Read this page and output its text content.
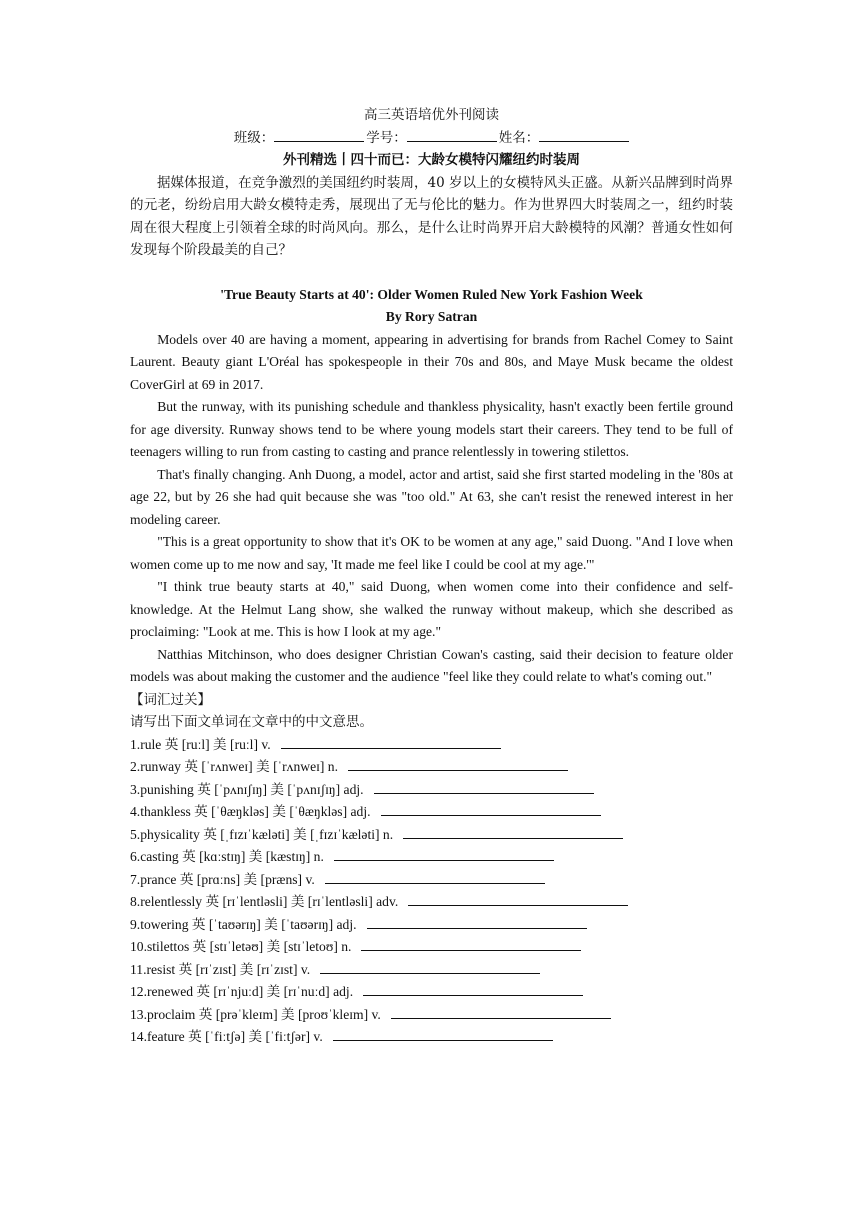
高三英语培优外刊阅读
班级：	学号：	姓名：
外刊精选丨四十而已：大龄女模特闪耀纽约时装周
据媒体报道，在竞争激烈的美国纽约时装周，40 岁以上的女模特风头正盛。从新兴品牌到时尚界的元老，纷纷启用大龄女模特走秀，展现出了无与伦比的魅力。作为世界四大时装周之一，纽约时装周在很大程度上引领着全球的时尚风向。那么，是什么让时尚界开启大龄模特的风潮？普通女性如何发现每个阶段最美的自己？
'True Beauty Starts at 40': Older Women Ruled New York Fashion Week
By Rory Satran
Models over 40 are having a moment, appearing in advertising for brands from Rachel Comey to Saint Laurent. Beauty giant L'Oréal has spokespeople in their 70s and 80s, and Maye Musk became the oldest CoverGirl at 69 in 2017.
But the runway, with its punishing schedule and thankless physicality, hasn't exactly been fertile ground for age diversity. Runway shows tend to be where young models start their careers. They tend to be full of teenagers willing to run from casting to casting and prance relentlessly in towering stilettos.
That's finally changing. Anh Duong, a model, actor and artist, said she first started modeling in the '80s at age 22, but by 26 she had quit because she was "too old." At 63, she can't resist the renewed interest in her modeling career.
"This is a great opportunity to show that it's OK to be women at any age," said Duong. "And I love when women come up to me now and say, 'It made me feel like I could be cool at my age.'"
"I think true beauty starts at 40," said Duong, when women come into their confidence and self-knowledge. At the Helmut Lang show, she walked the runway without makeup, which she described as proclaiming: "Look at me. This is how I look at my age."
Natthias Mitchinson, who does designer Christian Cowan's casting, said their decision to feature older models was about making the customer and the audience "feel like they could relate to what's coming out."
【词汇过关】
请写出下面文单词在文章中的中文意思。
1.rule 英 [ruːl] 美 [ruːl] v.
2.runway 英 [ˈrʌnweɪ] 美 [ˈrʌnweɪ] n.
3.punishing 英 [ˈpʌnɪʃɪŋ] 美 [ˈpʌnɪʃɪŋ] adj.
4.thankless 英 [ˈθæŋkləs] 美 [ˈθæŋkləs] adj.
5.physicality 英 [ˌfɪzɪˈkæləti] 美 [ˌfɪzɪˈkæləti] n.
6.casting 英 [kɑːstɪŋ] 美 [kæstɪŋ] n.
7.prance 英 [prɑːns] 美 [præns] v.
8.relentlessly 英 [rɪˈlentləsli] 美 [rɪˈlentləsli] adv.
9.towering 英 [ˈtaʊərɪŋ] 美 [ˈtaʊərɪŋ] adj.
10.stilettos 英 [stɪˈletəʊ] 美 [stɪˈletoʊ] n.
11.resist 英 [rɪˈzɪst] 美 [rɪˈzɪst] v.
12.renewed 英 [rɪˈnjuːd] 美 [rɪˈnuːd] adj.
13.proclaim 英 [prəˈkleɪm] 美 [proʊˈkleɪm] v.
14.feature 英 [ˈfiːtʃə] 美 [ˈfiːtʃər] v.
